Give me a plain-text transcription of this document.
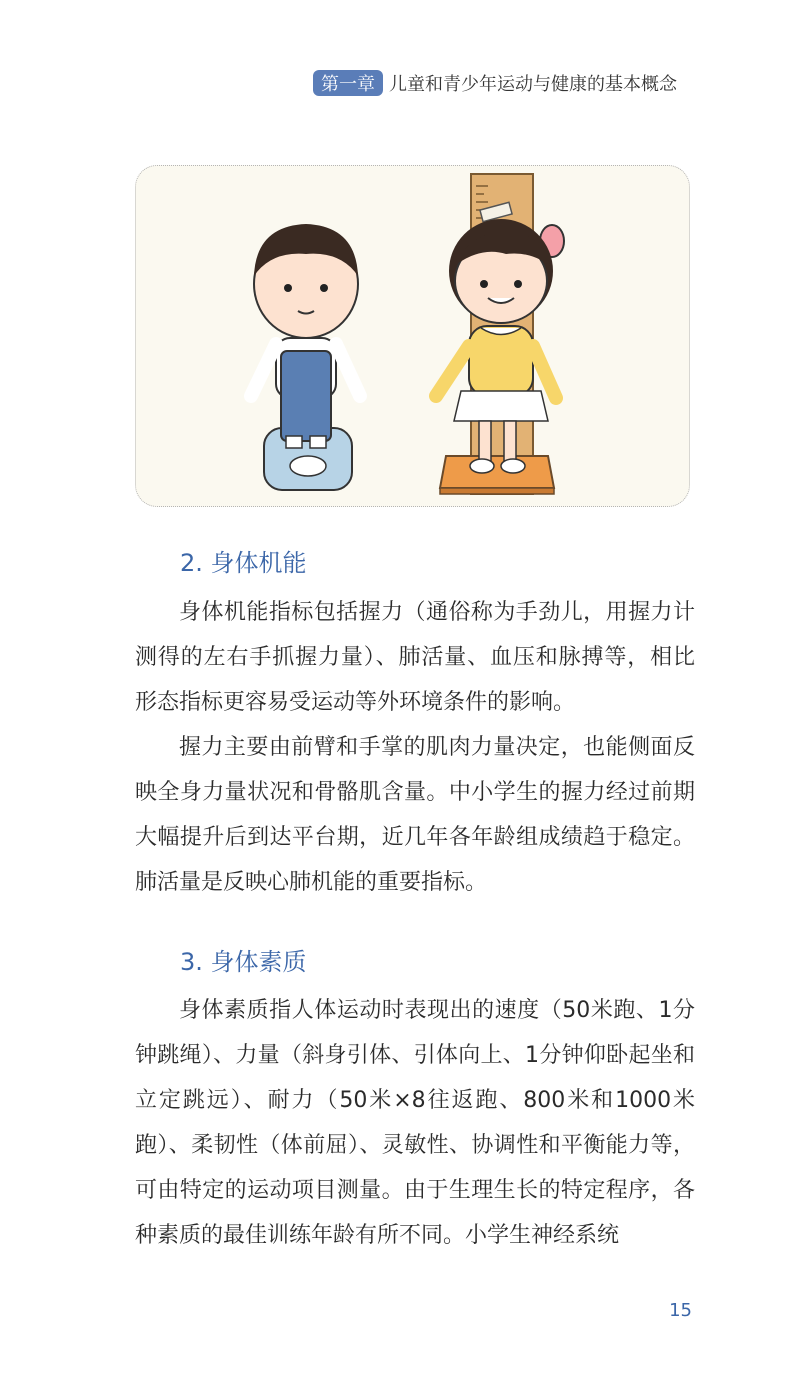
第一章 儿童和青少年运动与健康的基本概念
2. 身体机能

身体机能指标包括握力（通俗称为手劲儿，用握力计测得的左右手抓握力量）、肺活量、血压和脉搏等，相比形态指标更容易受运动等外环境条件的影响。

握力主要由前臂和手掌的肌肉力量决定，也能侧面反映全身力量状况和骨骼肌含量。中小学生的握力经过前期大幅提升后到达平台期，近几年各年龄组成绩趋于稳定。肺活量是反映心肺机能的重要指标。

3. 身体素质

身体素质指人体运动时表现出的速度（50米跑、1分钟跳绳）、力量（斜身引体、引体向上、1分钟仰卧起坐和立定跳远）、耐力（50米×8往返跑、800米和1000米跑）、柔韧性（体前屈）、灵敏性、协调性和平衡能力等，可由特定的运动项目测量。由于生理生长的特定程序，各种素质的最佳训练年龄有所不同。小学生神经系统

15
